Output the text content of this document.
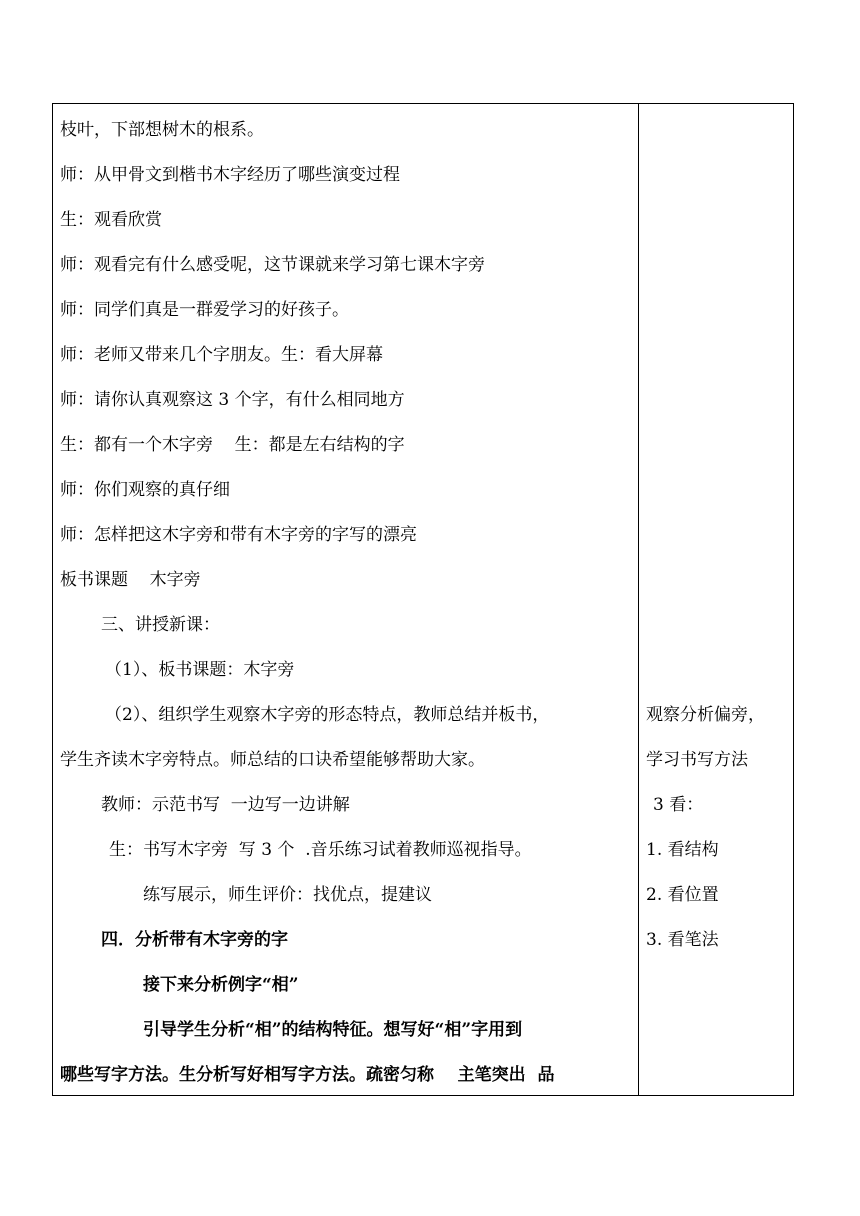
枝叶，下部想树木的根系。
师：从甲骨文到楷书木字经历了哪些演变过程
生：观看欣赏
师：观看完有什么感受呢，这节课就来学习第七课木字旁
师：同学们真是一群爱学习的好孩子。
师：老师又带来几个字朋友。生：看大屏幕
师：请你认真观察这 3 个字，有什么相同地方
生：都有一个木字旁    生：都是左右结构的字
师：你们观察的真仔细
师：怎样把这木字旁和带有木字旁的字写的漂亮
板书课题    木字旁
三、讲授新课：
（1）、板书课题：木字旁
（2）、组织学生观察木字旁的形态特点，教师总结并板书，
学生齐读木字旁特点。师总结的口诀希望能够帮助大家。
教师：示范书写  一边写一边讲解
生：书写木字旁  写 3 个  .音乐练习试着教师巡视指导。
练写展示，师生评价：找优点，提建议
四．分析带有木字旁的字
接下来分析例字“相”
引导学生分析“相”的结构特征。想写好“相”字用到
哪些写字方法。生分析写好相写字方法。疏密匀称    主笔突出  品
观察分析偏旁，
学习书写方法
3 看：
1. 看结构
2. 看位置
3. 看笔法
